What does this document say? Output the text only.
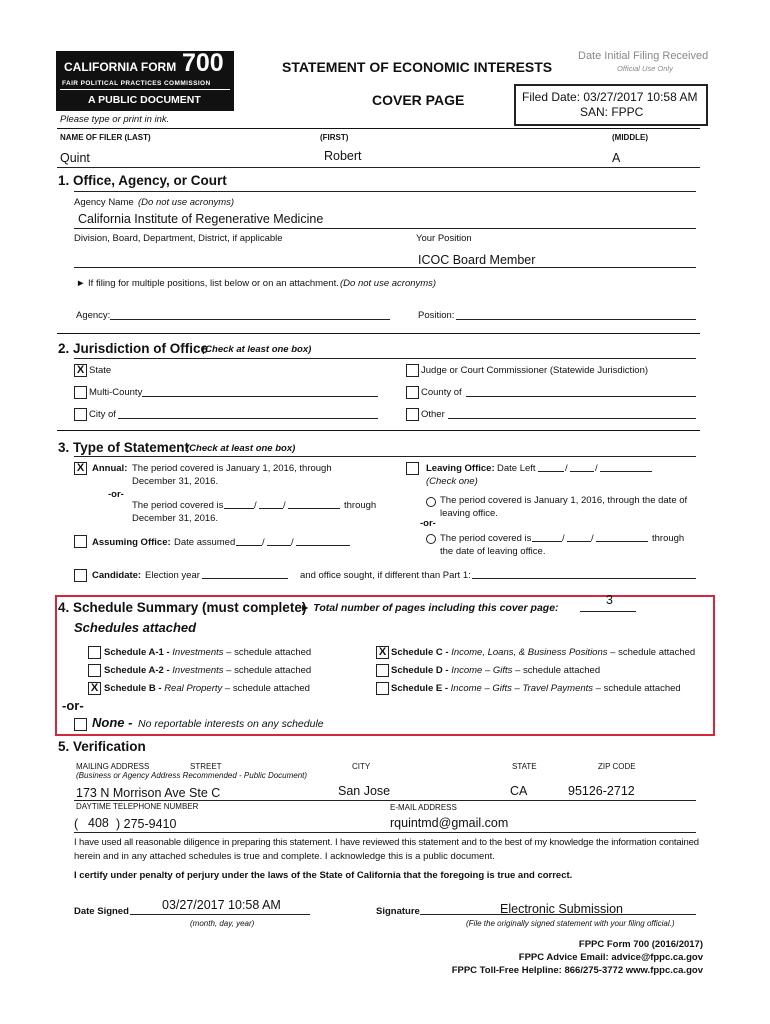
CALIFORNIA FORM 700
FAIR POLITICAL PRACTICES COMMISSION
A PUBLIC DOCUMENT
STATEMENT OF ECONOMIC INTERESTS
COVER PAGE
Date Initial Filing Received
Official Use Only
Filed Date: 03/27/2017 10:58 AM
SAN: FPPC
Please type or print in ink.
NAME OF FILER (LAST)	(FIRST)	(MIDDLE)
Quint	Robert	A
1. Office, Agency, or Court
Agency Name (Do not use acronyms)
California Institute of Regenerative Medicine
Division, Board, Department, District, if applicable	Your Position
ICOC Board Member
► If filing for multiple positions, list below or on an attachment. (Do not use acronyms)
Agency:	Position:
2. Jurisdiction of Office
(Check at least one box)
X State	Judge or Court Commissioner (Statewide Jurisdiction)
Multi-County	County of
City of	Other
3. Type of Statement
(Check at least one box)
X Annual: The period covered is January 1, 2016, through
December 31, 2016.
-or-
The period covered is	/	/	through
December 31, 2016.
Assuming Office: Date assumed	/	/
Leaving Office: Date Left	/	/
(Check one)
The period covered is January 1, 2016, through the date of
leaving office.
-or-
The period covered is	/	/	through
the date of leaving office.
Candidate: Election year	and office sought, if different than Part 1:
4. Schedule Summary (must complete)
► Total number of pages including this cover page:
3
Schedules attached
Schedule A-1 - Investments – schedule attached
Schedule A-2 - Investments – schedule attached
X Schedule B - Real Property – schedule attached
X Schedule C - Income, Loans, & Business Positions – schedule attached
Schedule D - Income – Gifts – schedule attached
Schedule E - Income – Gifts – Travel Payments – schedule attached
-or-
None - No reportable interests on any schedule
5. Verification
MAILING ADDRESS	STREET	CITY	STATE	ZIP CODE
(Business or Agency Address Recommended - Public Document)
173 N Morrison Ave Ste C	San Jose	CA	95126-2712
DAYTIME TELEPHONE NUMBER	E-MAIL ADDRESS
( 408 ) 275-9410	rquintmd@gmail.com
I have used all reasonable diligence in preparing this statement. I have reviewed this statement and to the best of my knowledge the information contained
herein and in any attached schedules is true and complete. I acknowledge this is a public document.
I certify under penalty of perjury under the laws of the State of California that the foregoing is true and correct.
Date Signed	03/27/2017 10:58 AM
(month, day, year)
Signature	Electronic Submission
(File the originally signed statement with your filing official.)
FPPC Form 700 (2016/2017)
FPPC Advice Email: advice@fppc.ca.gov
FPPC Toll-Free Helpline: 866/275-3772 www.fppc.ca.gov
